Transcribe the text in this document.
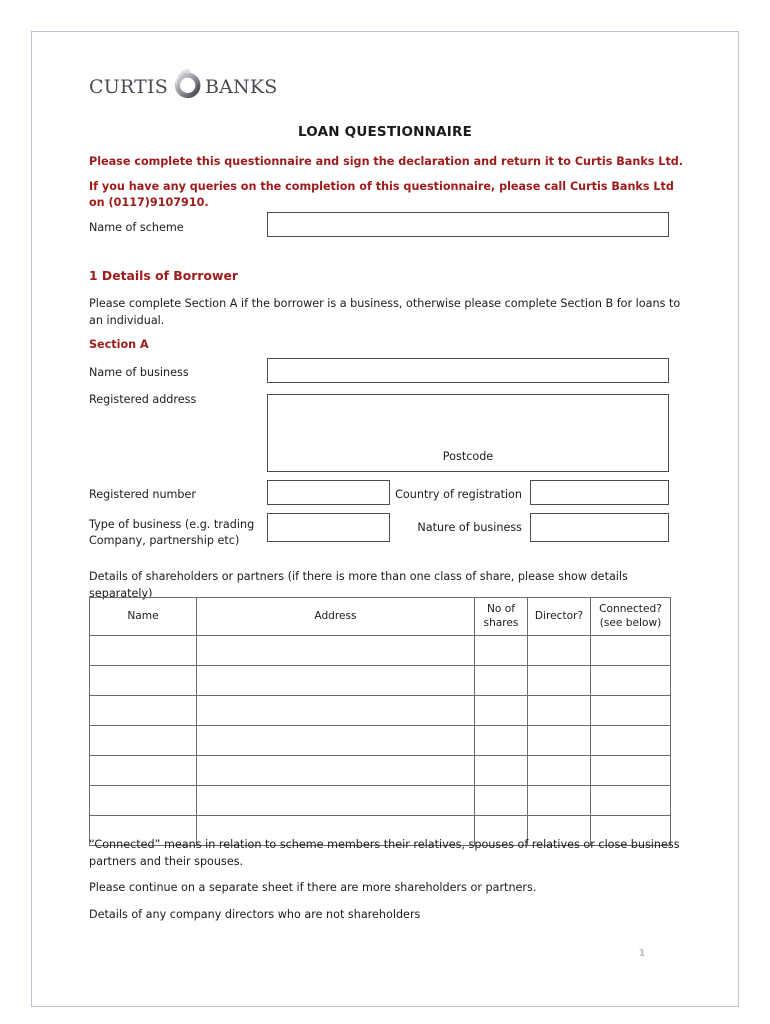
curtis banks
LOAN QUESTIONNAIRE
Please complete this questionnaire and sign the declaration and return it to Curtis Banks Ltd.
If you have any queries on the completion of this questionnaire, please call Curtis Banks Ltd on (0117)9107910.
Name of scheme
1 Details of Borrower
Please complete Section A if the borrower is a business, otherwise please complete Section B for loans to an individual.
Section A
Name of business
Registered address
Postcode
Registered number	Country of registration
Type of business (e.g. trading Company, partnership etc)
Nature of business
Details of shareholders or partners (if there is more than one class of share, please show details separately)
Name	Address	No of shares	Director?	Connected? (see below)

“Connected” means in relation to scheme members their relatives, spouses of relatives or close business partners and their spouses.
Please continue on a separate sheet if there are more shareholders or partners.
Details of any company directors who are not shareholders
1
